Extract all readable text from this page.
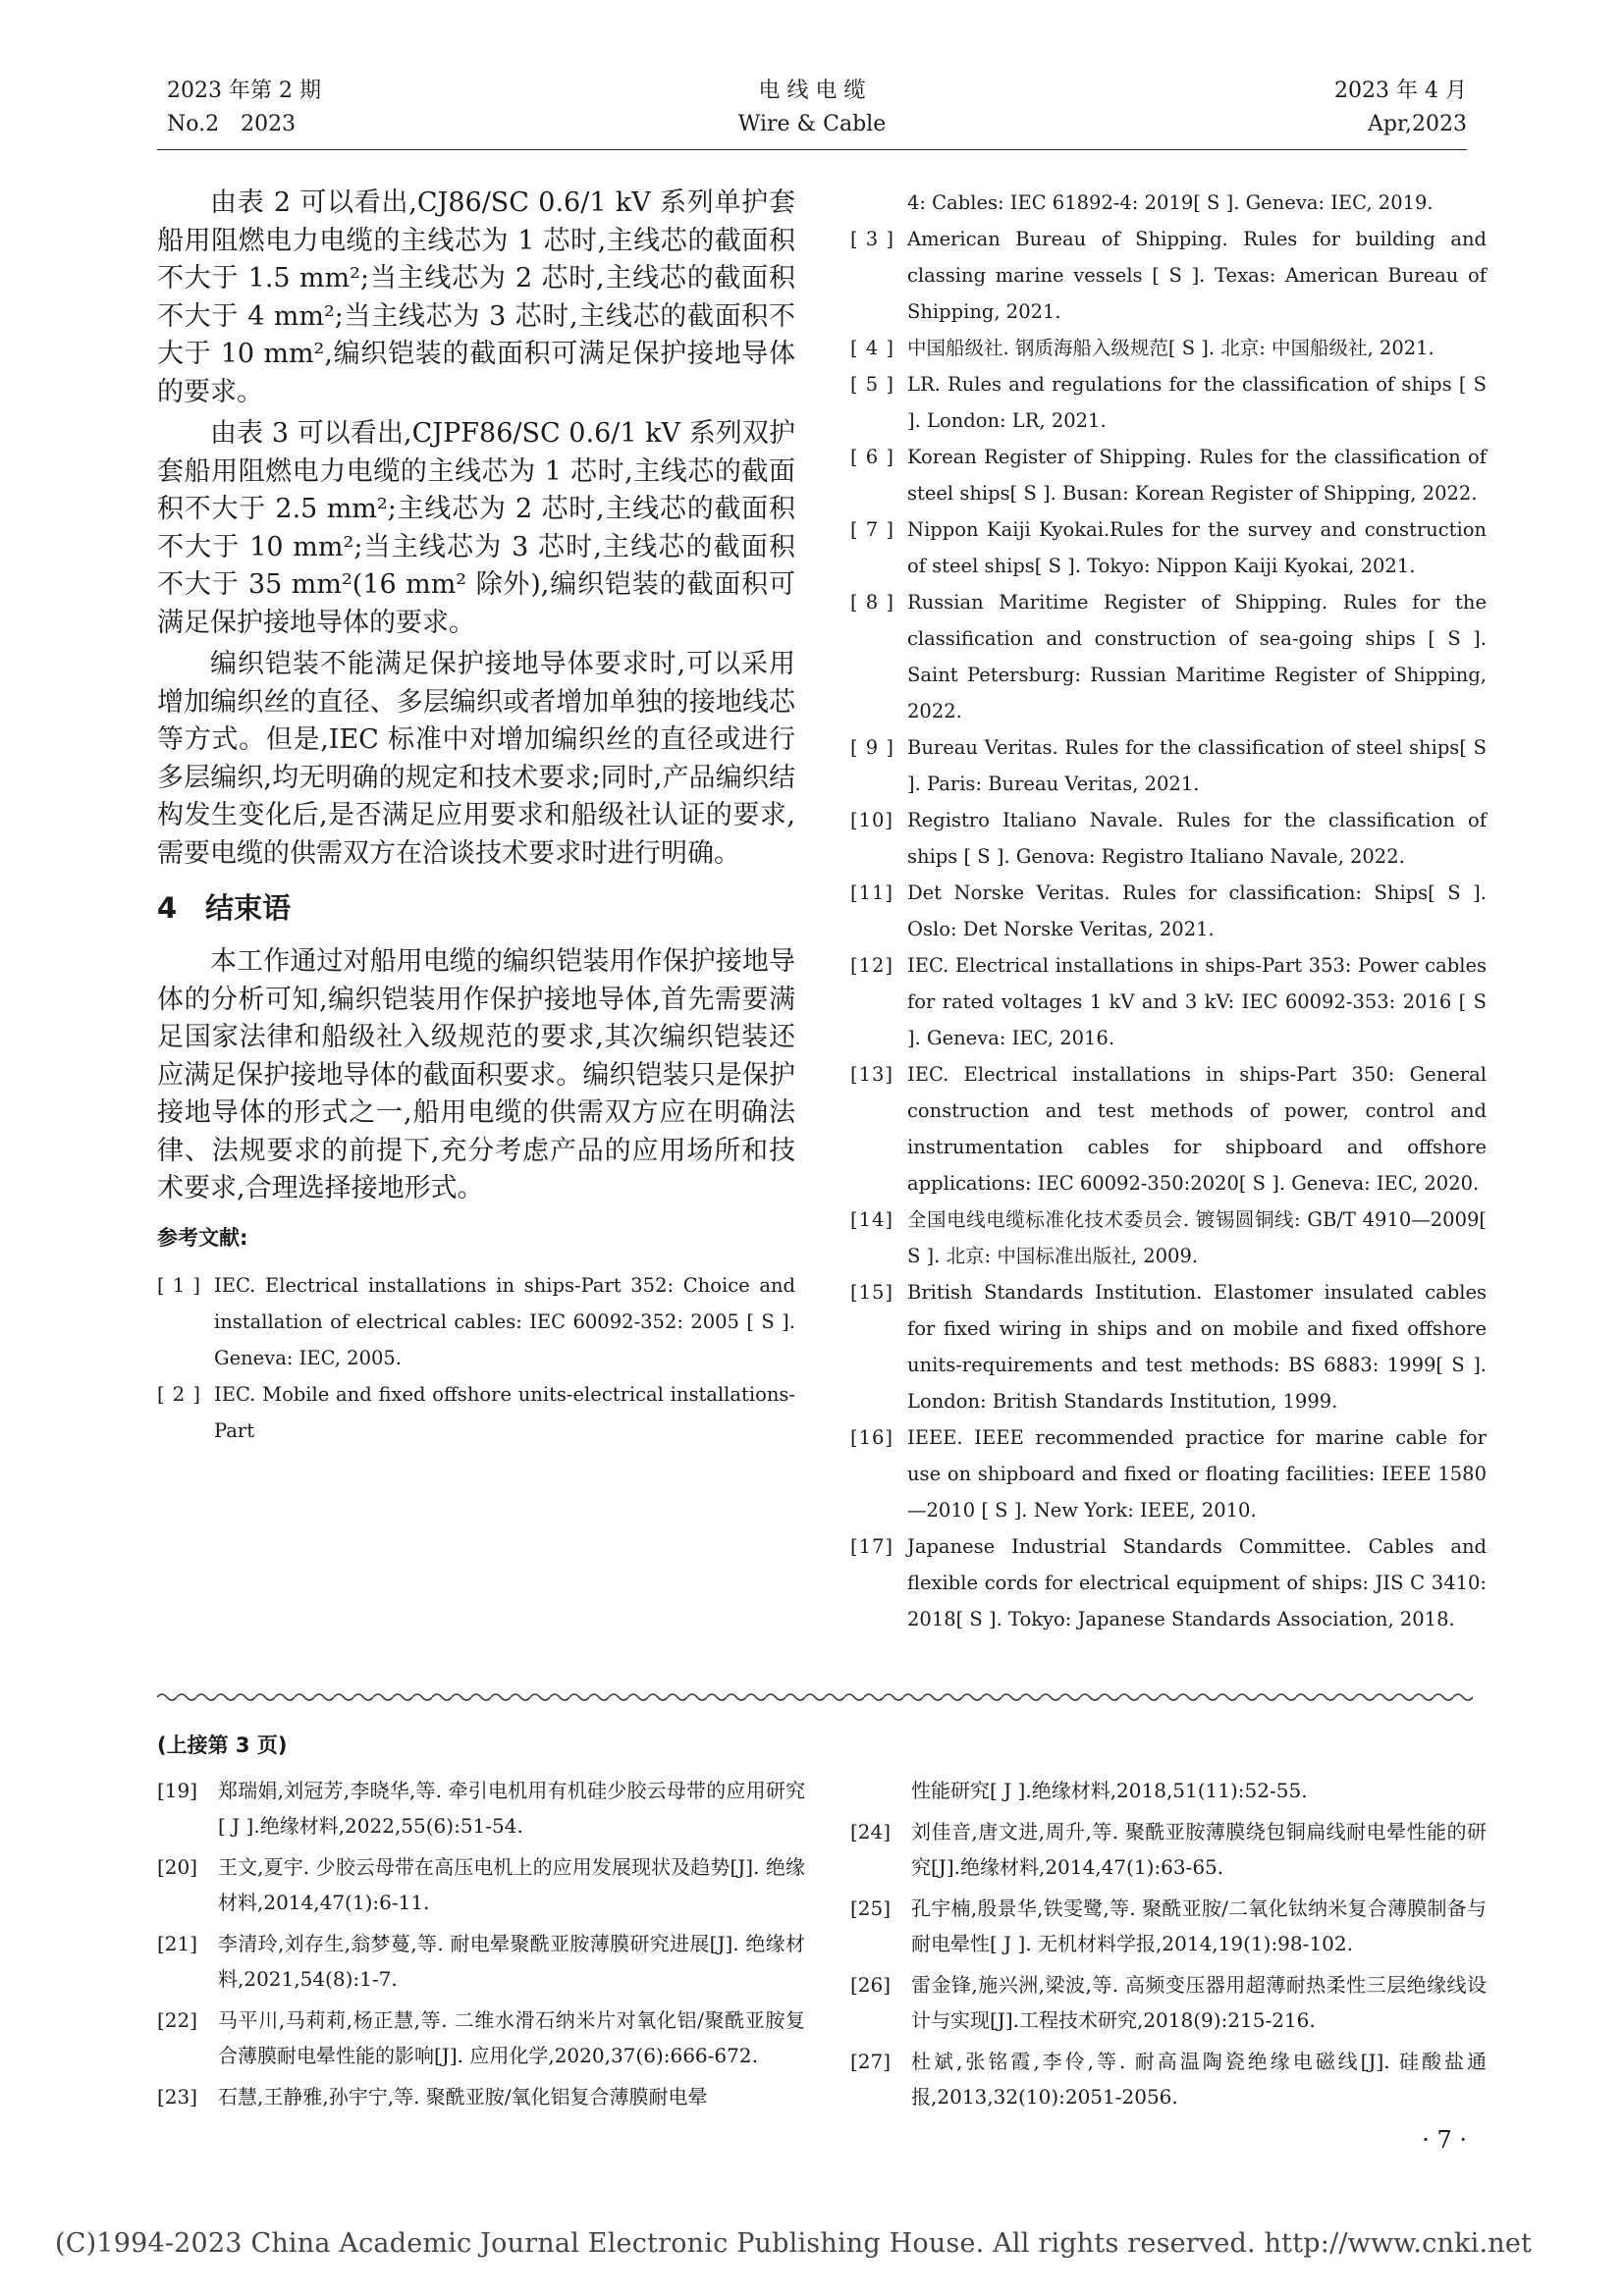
2023 年第 2 期
No.2　2023
电 线 电 缆
Wire & Cable
2023 年 4 月
Apr,2023

由表 2 可以看出,CJ86/SC 0.6/1 kV 系列单护套船用阻燃电力电缆的主线芯为 1 芯时,主线芯的截面积不大于 1.5 mm²;当主线芯为 2 芯时,主线芯的截面积不大于 4 mm²;当主线芯为 3 芯时,主线芯的截面积不大于 10 mm²,编织铠装的截面积可满足保护接地导体的要求。

由表 3 可以看出,CJPF86/SC 0.6/1 kV 系列双护套船用阻燃电力电缆的主线芯为 1 芯时,主线芯的截面积不大于 2.5 mm²;主线芯为 2 芯时,主线芯的截面积不大于 10 mm²;当主线芯为 3 芯时,主线芯的截面积不大于 35 mm²(16 mm² 除外),编织铠装的截面积可满足保护接地导体的要求。

编织铠装不能满足保护接地导体要求时,可以采用增加编织丝的直径、多层编织或者增加单独的接地线芯等方式。但是,IEC 标准中对增加编织丝的直径或进行多层编织,均无明确的规定和技术要求;同时,产品编织结构发生变化后,是否满足应用要求和船级社认证的要求,需要电缆的供需双方在洽谈技术要求时进行明确。

4　结束语

本工作通过对船用电缆的编织铠装用作保护接地导体的分析可知,编织铠装用作保护接地导体,首先需要满足国家法律和船级社入级规范的要求,其次编织铠装还应满足保护接地导体的截面积要求。编织铠装只是保护接地导体的形式之一,船用电缆的供需双方应在明确法律、法规要求的前提下,充分考虑产品的应用场所和技术要求,合理选择接地形式。

参考文献:
[ 1 ] IEC. Electrical installations in ships-Part 352: Choice and installation of electrical cables: IEC 60092-352: 2005 [ S ]. Geneva: IEC, 2005.
[ 2 ] IEC. Mobile and fixed offshore units-electrical installations-Part
4: Cables: IEC 61892-4: 2019[ S ]. Geneva: IEC, 2019.
[ 3 ] American Bureau of Shipping. Rules for building and classing marine vessels [ S ]. Texas: American Bureau of Shipping, 2021.
[ 4 ] 中国船级社. 钢质海船入级规范[ S ]. 北京: 中国船级社, 2021.
[ 5 ] LR. Rules and regulations for the classification of ships [ S ]. London: LR, 2021.
[ 6 ] Korean Register of Shipping. Rules for the classification of steel ships[ S ]. Busan: Korean Register of Shipping, 2022.
[ 7 ] Nippon Kaiji Kyokai.Rules for the survey and construction of steel ships[ S ]. Tokyo: Nippon Kaiji Kyokai, 2021.
[ 8 ] Russian Maritime Register of Shipping. Rules for the classification and construction of sea-going ships [ S ]. Saint Petersburg: Russian Maritime Register of Shipping, 2022.
[ 9 ] Bureau Veritas. Rules for the classification of steel ships[ S ]. Paris: Bureau Veritas, 2021.
[10] Registro Italiano Navale. Rules for the classification of ships [ S ]. Genova: Registro Italiano Navale, 2022.
[11] Det Norske Veritas. Rules for classification: Ships[ S ]. Oslo: Det Norske Veritas, 2021.
[12] IEC. Electrical installations in ships-Part 353: Power cables for rated voltages 1 kV and 3 kV: IEC 60092-353: 2016 [ S ]. Geneva: IEC, 2016.
[13] IEC. Electrical installations in ships-Part 350: General construction and test methods of power, control and instrumentation cables for shipboard and offshore applications: IEC 60092-350:2020[ S ]. Geneva: IEC, 2020.
[14] 全国电线电缆标准化技术委员会. 镀锡圆铜线: GB/T 4910—2009[ S ]. 北京: 中国标准出版社, 2009.
[15] British Standards Institution. Elastomer insulated cables for fixed wiring in ships and on mobile and fixed offshore units-requirements and test methods: BS 6883: 1999[ S ]. London: British Standards Institution, 1999.
[16] IEEE. IEEE recommended practice for marine cable for use on shipboard and fixed or floating facilities: IEEE 1580—2010 [ S ]. New York: IEEE, 2010.
[17] Japanese Industrial Standards Committee. Cables and flexible cords for electrical equipment of ships: JIS C 3410: 2018[ S ]. Tokyo: Japanese Standards Association, 2018.
(上接第 3 页)
[19]	郑瑞娟,刘冠芳,李晓华,等. 牵引电机用有机硅少胶云母带的应用研究[ J ].绝缘材料,2022,55(6):51-54.
[20]	王文,夏宇. 少胶云母带在高压电机上的应用发展现状及趋势[J]. 绝缘材料,2014,47(1):6-11.
[21]	李清玲,刘存生,翁梦蔓,等. 耐电晕聚酰亚胺薄膜研究进展[J]. 绝缘材料,2021,54(8):1-7.
[22]	马平川,马莉莉,杨正慧,等. 二维水滑石纳米片对氧化铝/聚酰亚胺复合薄膜耐电晕性能的影响[J]. 应用化学,2020,37(6):666-672.
[23]	石慧,王静雅,孙宇宁,等. 聚酰亚胺/氧化铝复合薄膜耐电晕
性能研究[ J ].绝缘材料,2018,51(11):52-55.
[24]	刘佳音,唐文进,周升,等. 聚酰亚胺薄膜绕包铜扁线耐电晕性能的研究[J].绝缘材料,2014,47(1):63-65.
[25]	孔宇楠,殷景华,铁雯鹭,等. 聚酰亚胺/二氧化钛纳米复合薄膜制备与耐电晕性[ J ]. 无机材料学报,2014,19(1):98-102.
[26]	雷金锋,施兴洲,梁波,等. 高频变压器用超薄耐热柔性三层绝缘线设计与实现[J].工程技术研究,2018(9):215-216.
[27]	杜斌,张铭霞,李伶,等. 耐高温陶瓷绝缘电磁线[J]. 硅酸盐通报,2013,32(10):2051-2056.
· 7 ·
(C)1994-2023 China Academic Journal Electronic Publishing House. All rights reserved. http://www.cnki.net
